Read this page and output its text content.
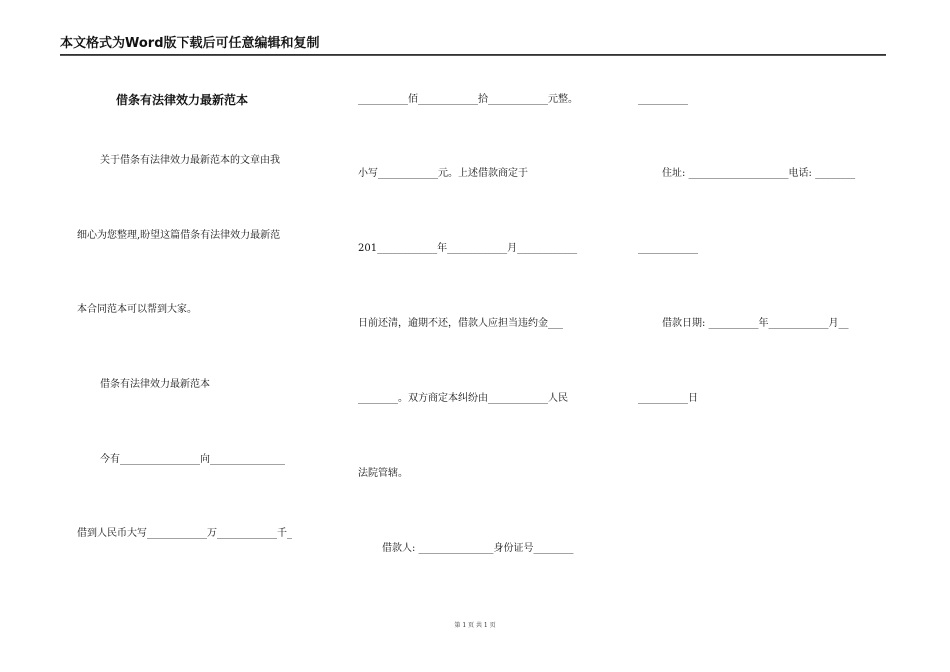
本文格式为Word版下载后可任意编辑和复制
借条有法律效力最新范本
关于借条有法律效力最新范本的文章由我
细心为您整理,盼望这篇借条有法律效力最新范
本合同范本可以帮到大家。
借条有法律效力最新范本
今有________________向_______________
借到人民币大写____________万____________千_
__________佰____________拾____________元整。
小写____________元。上述借款商定于
201____________年____________月____________
日前还清，逾期不还，借款人应担当违约金___
________。双方商定本纠纷由____________人民
法院管辖。
借款人: _______________身份证号________
__________
住址: ____________________电话: ________
____________
借款日期: __________年____________月__
__________日
第 1 页 共 1 页
